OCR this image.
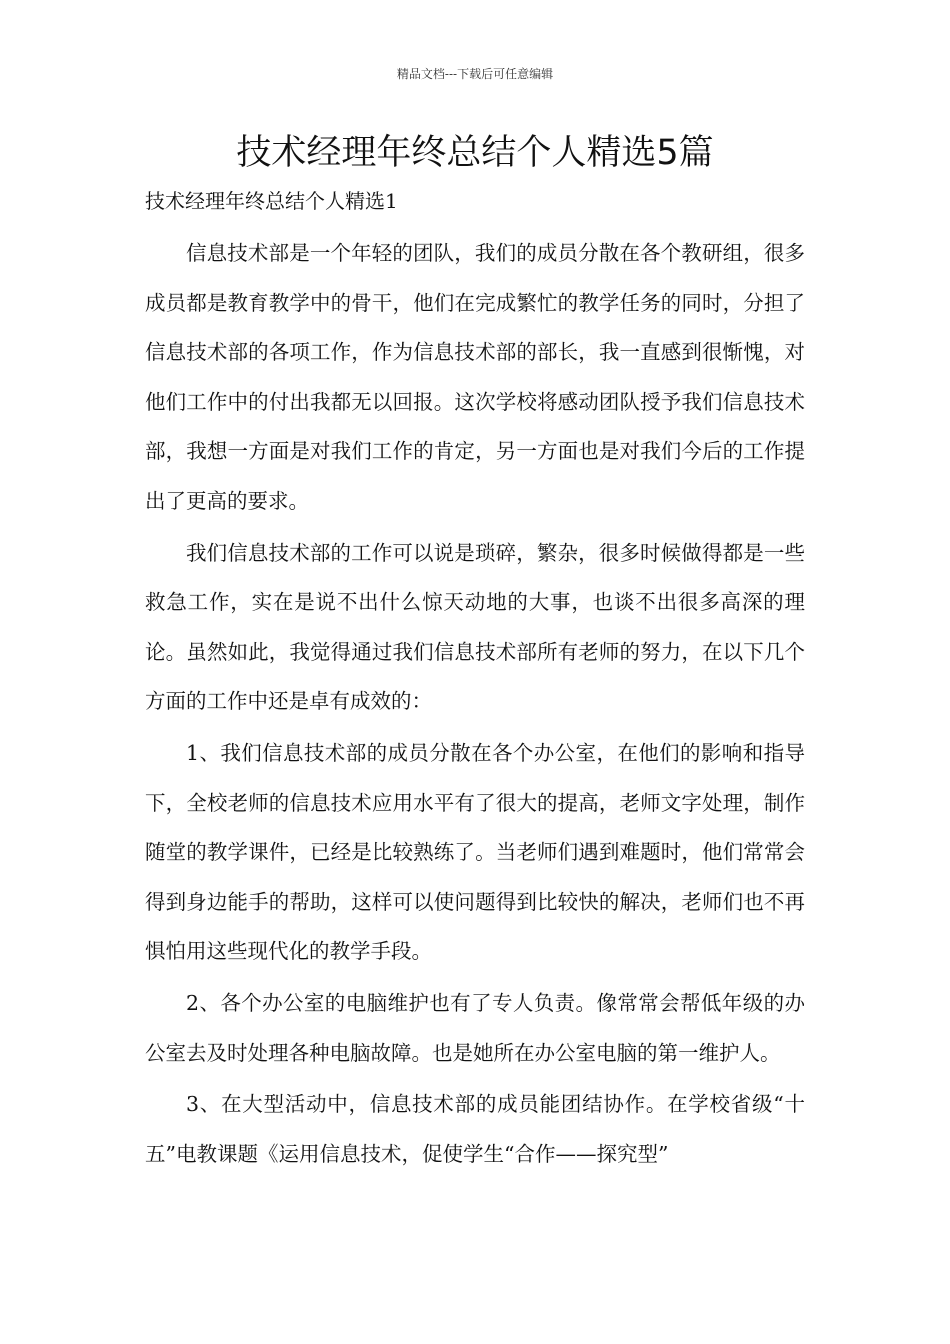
精品文档---下载后可任意编辑
技术经理年终总结个人精选5篇
技术经理年终总结个人精选1

信息技术部是一个年轻的团队，我们的成员分散在各个教研组，很多成员都是教育教学中的骨干，他们在完成繁忙的教学任务的同时，分担了信息技术部的各项工作，作为信息技术部的部长，我一直感到很惭愧，对他们工作中的付出我都无以回报。这次学校将感动团队授予我们信息技术部，我想一方面是对我们工作的肯定，另一方面也是对我们今后的工作提出了更高的要求。

我们信息技术部的工作可以说是琐碎，繁杂，很多时候做得都是一些救急工作，实在是说不出什么惊天动地的大事，也谈不出很多高深的理论。虽然如此，我觉得通过我们信息技术部所有老师的努力，在以下几个方面的工作中还是卓有成效的：

1、我们信息技术部的成员分散在各个办公室，在他们的影响和指导下，全校老师的信息技术应用水平有了很大的提高，老师文字处理，制作随堂的教学课件，已经是比较熟练了。当老师们遇到难题时，他们常常会得到身边能手的帮助，这样可以使问题得到比较快的解决，老师们也不再惧怕用这些现代化的教学手段。

2、各个办公室的电脑维护也有了专人负责。像常常会帮低年级的办公室去及时处理各种电脑故障。也是她所在办公室电脑的第一维护人。

3、在大型活动中，信息技术部的成员能团结协作。在学校省级“十五”电教课题《运用信息技术，促使学生“合作——探究型”
